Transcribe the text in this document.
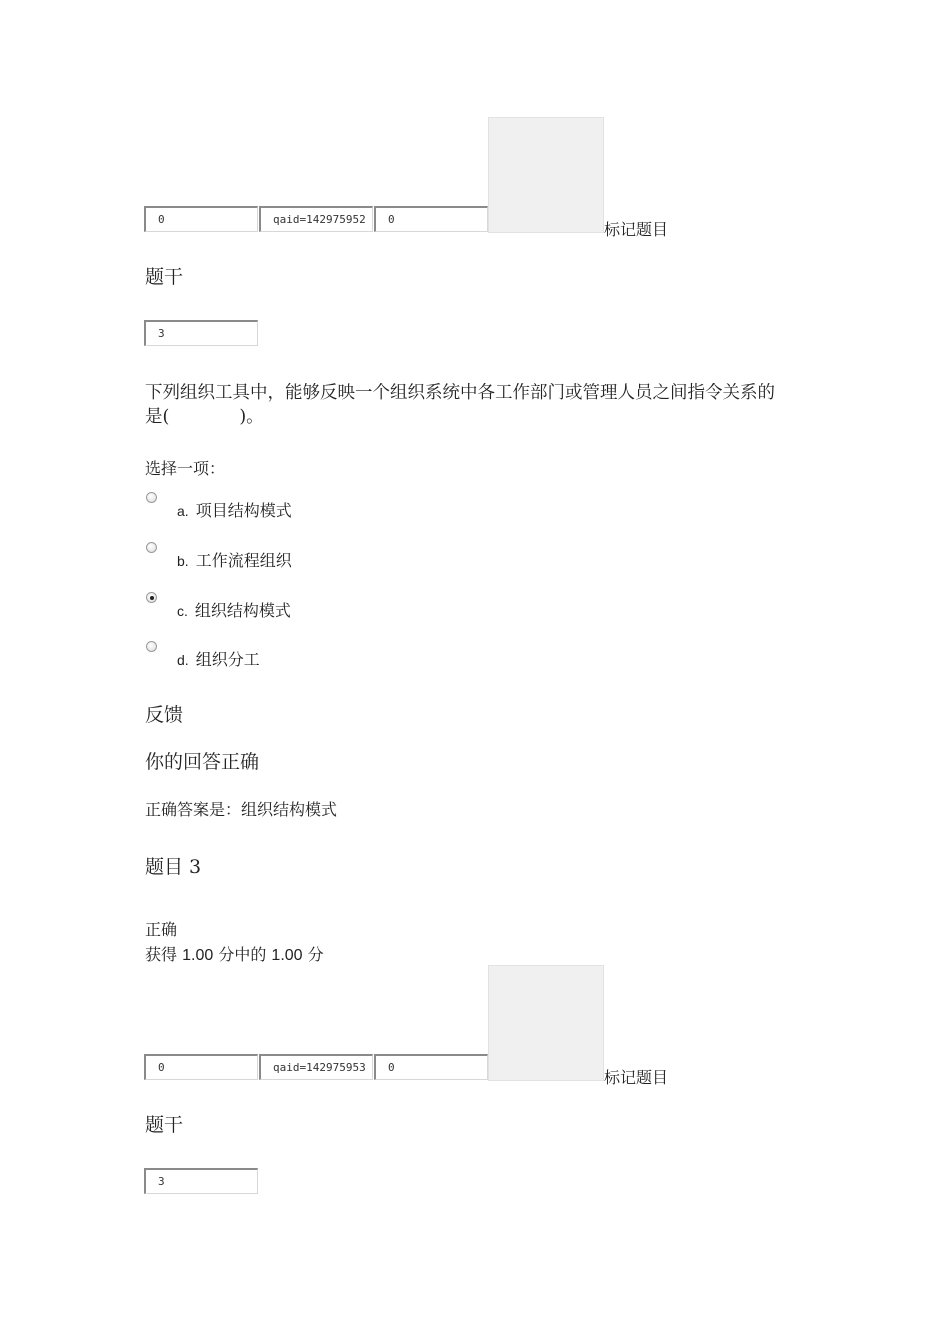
0	qaid=142975952	0
标记题目
题干
3
下列组织工具中，能够反映一个组织系统中各工作部门或管理人员之间指令关系的　　　　是(　　　　)。
选择一项：
a. 项目结构模式
b. 工作流程组织
c. 组织结构模式
d. 组织分工
反馈
你的回答正确
正确答案是：组织结构模式
题目 3
正确
获得 1.00 分中的 1.00 分
0	qaid=142975953	0
标记题目
题干
3
